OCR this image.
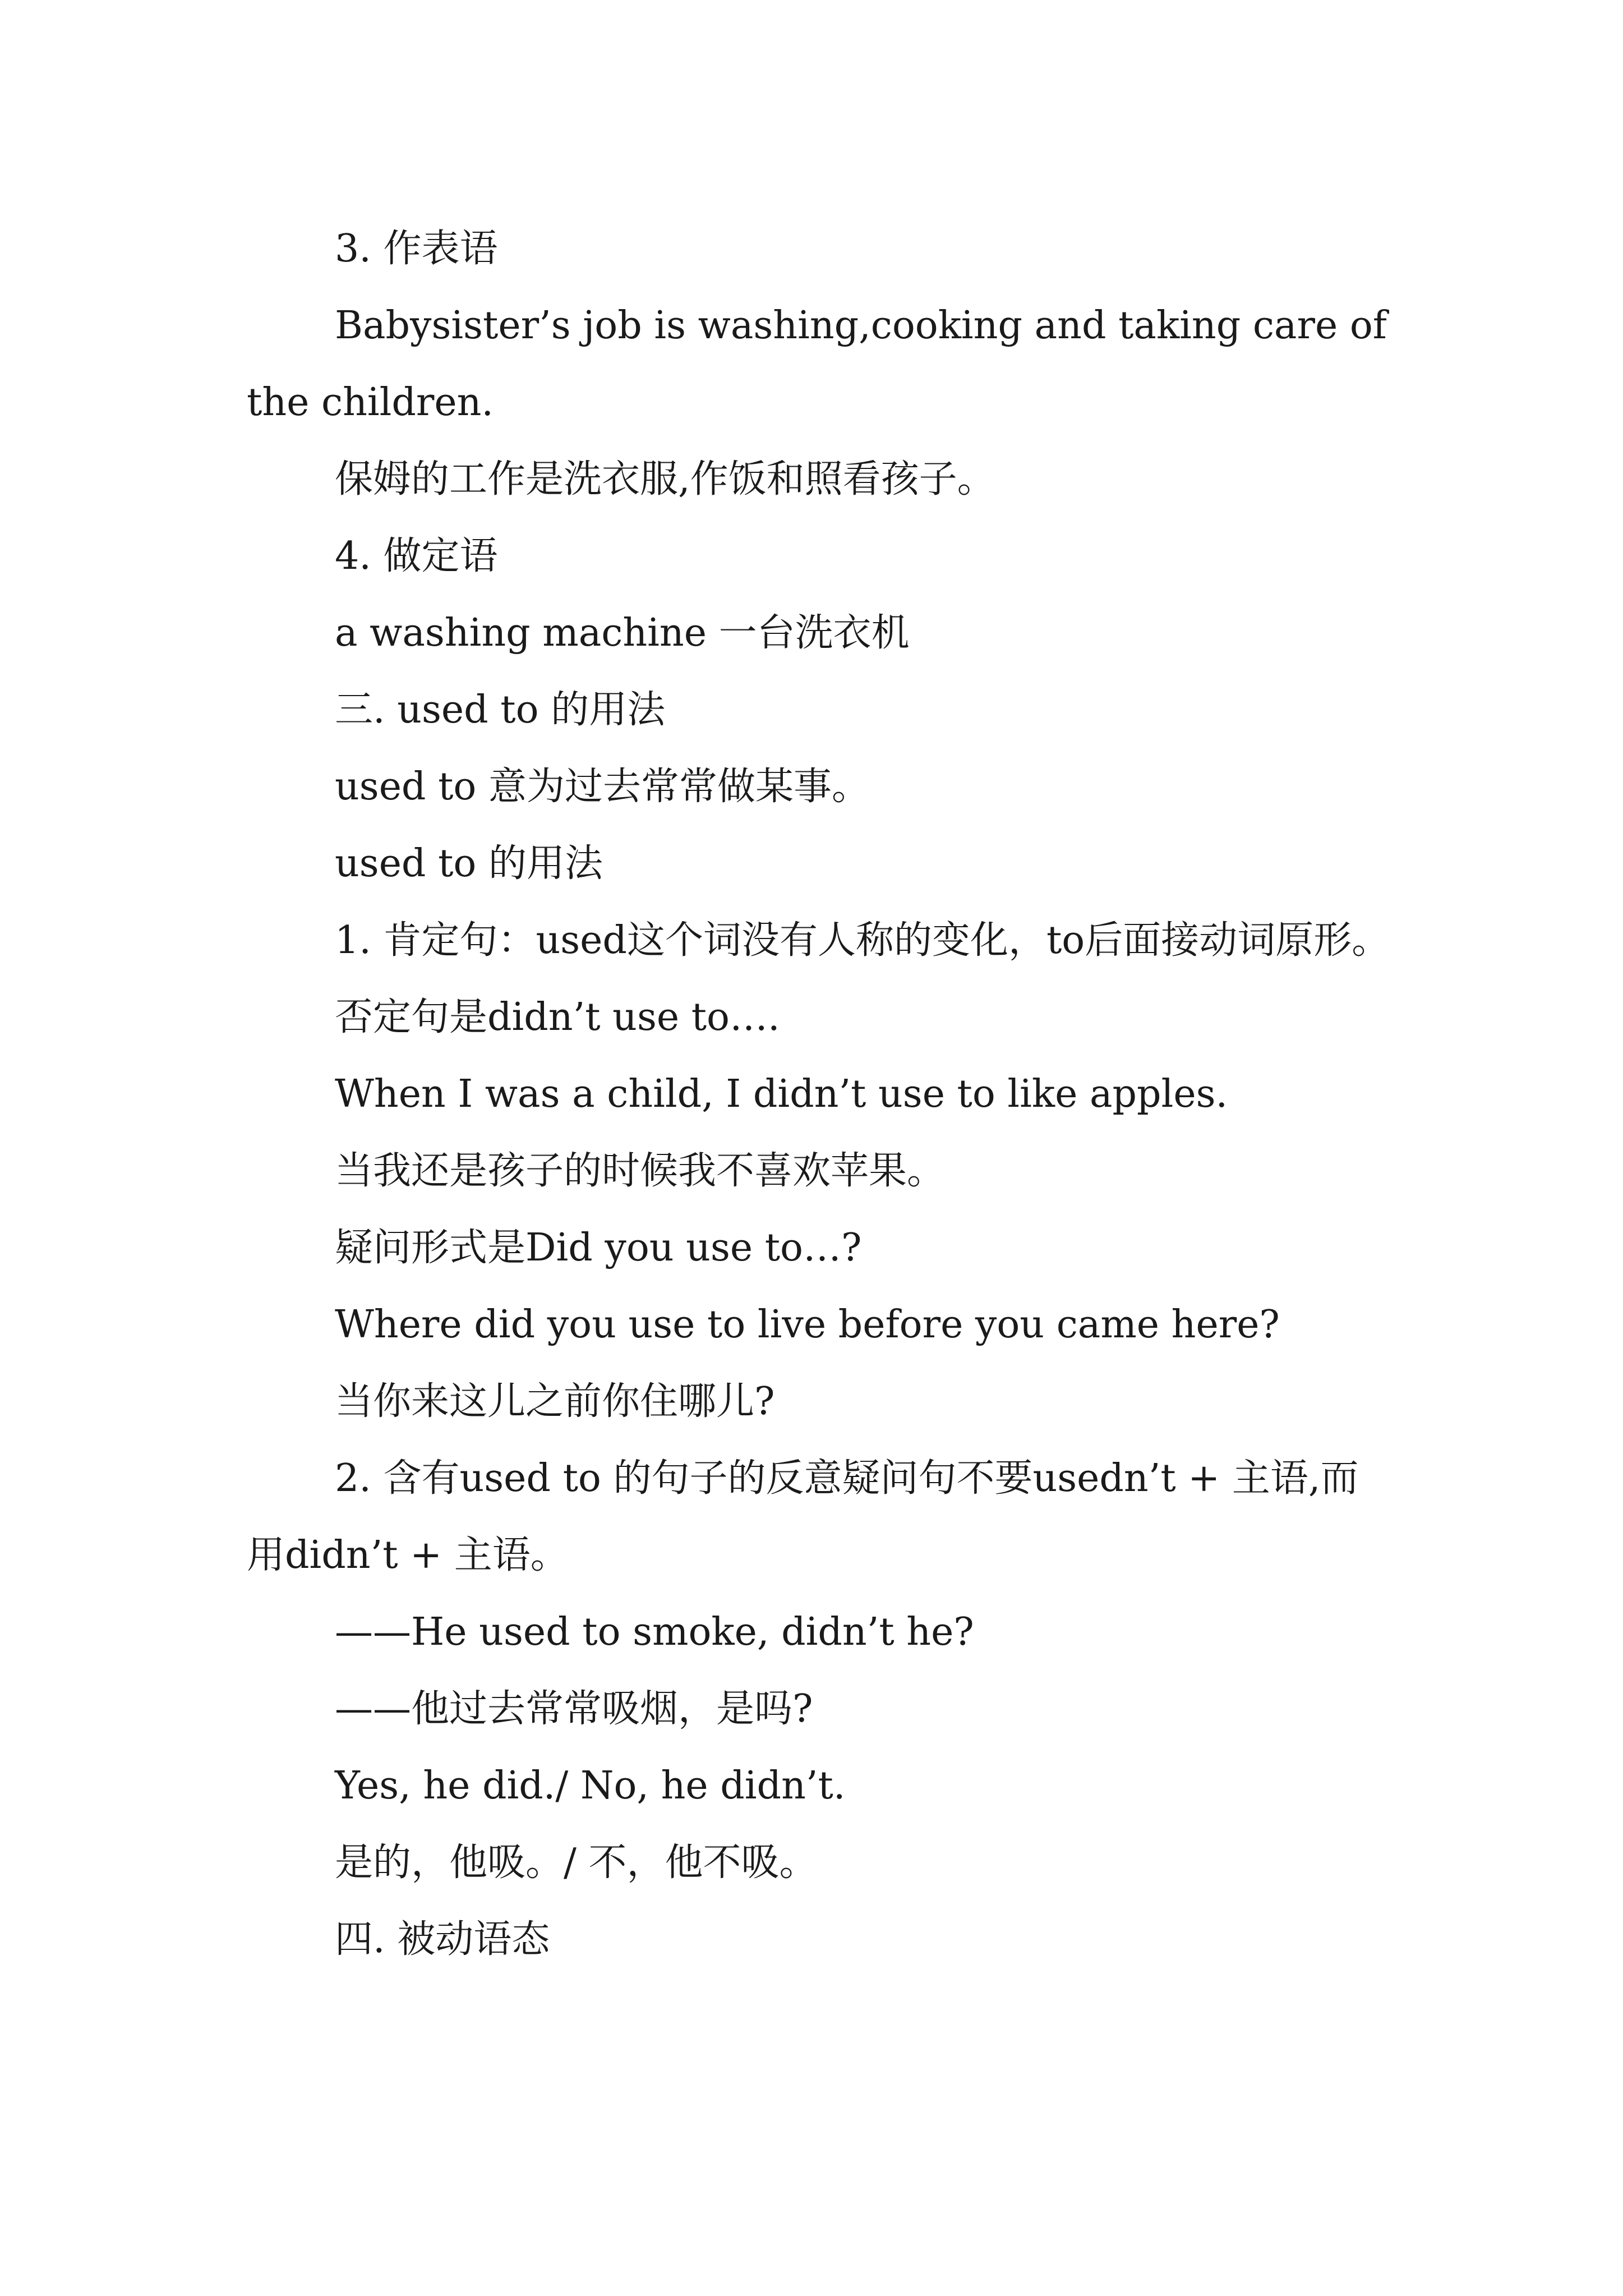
3. 作表语

Babysister’s job is washing,cooking and taking care of the children.

保姆的工作是洗衣服,作饭和照看孩子。

4. 做定语

a washing machine 一台洗衣机

三. used to 的用法

used to 意为过去常常做某事。

used to 的用法

1. 肯定句：used这个词没有人称的变化，to后面接动词原形。

否定句是didn’t use to….

When I was a child, I didn’t use to like apples.

当我还是孩子的时候我不喜欢苹果。

疑问形式是Did you use to…?

Where did you use to live before you came here?

当你来这儿之前你住哪儿?

2. 含有used to 的句子的反意疑问句不要usedn’t + 主语,而用didn’t + 主语。

——He used to smoke, didn’t he?

——他过去常常吸烟，是吗?

Yes, he did./ No, he didn’t.

是的，他吸。/ 不，他不吸。

四. 被动语态
